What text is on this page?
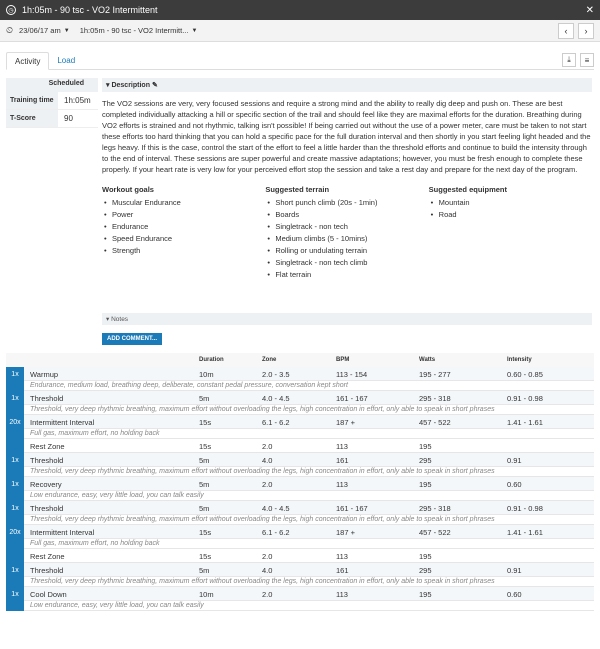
◷ 1h:05m - 90 tsc - VO2 Intermittent	✕
⏲ 23/06/17 am ▼ 1h:05m - 90 tsc - VO2 Intermitt... ▼	‹	›
Activity	Load	⤓	≡
Scheduled
Training time	1h:05m
T-Score	90
▾ Description ✎

The VO2 sessions are very, very focused sessions and require a strong mind and the ability to really dig deep and push on. These are best completed individually attacking a hill or specific section of the trail and should feel like they are maximal efforts for the duration. Breathing during VO2 efforts is strained and not rhythmic, talking isn't possible! If being carried out without the use of a power meter, care must be taken to not start these efforts too hard thinking that you can hold a specific pace for the full duration interval and then shortly in you start feeling light headed and the legs heavy. If this is the case, control the start of the effort to feel a little harder than the threshold efforts and continue to build the intensity through to the end of interval. These sessions are super powerful and create massive adaptations; however, you must be fresh enough to complete these properly. If your heart rate is very low for your perceived effort stop the session and take a rest day and prepare for the next day of the program.

Workout goals
• Muscular Endurance
• Power
• Endurance
• Speed Endurance
• Strength
Suggested terrain
• Short punch climb (20s - 1min)
• Boards
• Singletrack - non tech
• Medium climbs (5 - 10mins)
• Rolling or undulating terrain
• Singletrack - non tech climb
• Flat terrain
Suggested equipment
• Mountain
• Road
▾ Notes
ADD COMMENT...
Duration	Zone	BPM	Watts	Intensity
1x	Warmup	10m	2.0 - 3.5	113 - 154	195 - 277	0.60 - 0.85
Endurance, medium load, breathing deep, deliberate, constant pedal pressure, conversation kept short
1x	Threshold	5m	4.0 - 4.5	161 - 167	295 - 318	0.91 - 0.98
Threshold, very deep rhythmic breathing, maximum effort without overloading the legs, high concentration in effort, only able to speak in short phrases
20x	Intermittent Interval	15s	6.1 - 6.2	187 +	457 - 522	1.41 - 1.61
Full gas, maximum effort, no holding back
Rest Zone	15s	2.0	113	195
1x	Threshold	5m	4.0	161	295	0.91
Threshold, very deep rhythmic breathing, maximum effort without overloading the legs, high concentration in effort, only able to speak in short phrases
1x	Recovery	5m	2.0	113	195	0.60
Low endurance, easy, very little load, you can talk easily
1x	Threshold	5m	4.0 - 4.5	161 - 167	295 - 318	0.91 - 0.98
Threshold, very deep rhythmic breathing, maximum effort without overloading the legs, high concentration in effort, only able to speak in short phrases
20x	Intermittent Interval	15s	6.1 - 6.2	187 +	457 - 522	1.41 - 1.61
Full gas, maximum effort, no holding back
Rest Zone	15s	2.0	113	195
1x	Threshold	5m	4.0	161	295	0.91
Threshold, very deep rhythmic breathing, maximum effort without overloading the legs, high concentration in effort, only able to speak in short phrases
1x	Cool Down	10m	2.0	113	195	0.60
Low endurance, easy, very little load, you can talk easily
